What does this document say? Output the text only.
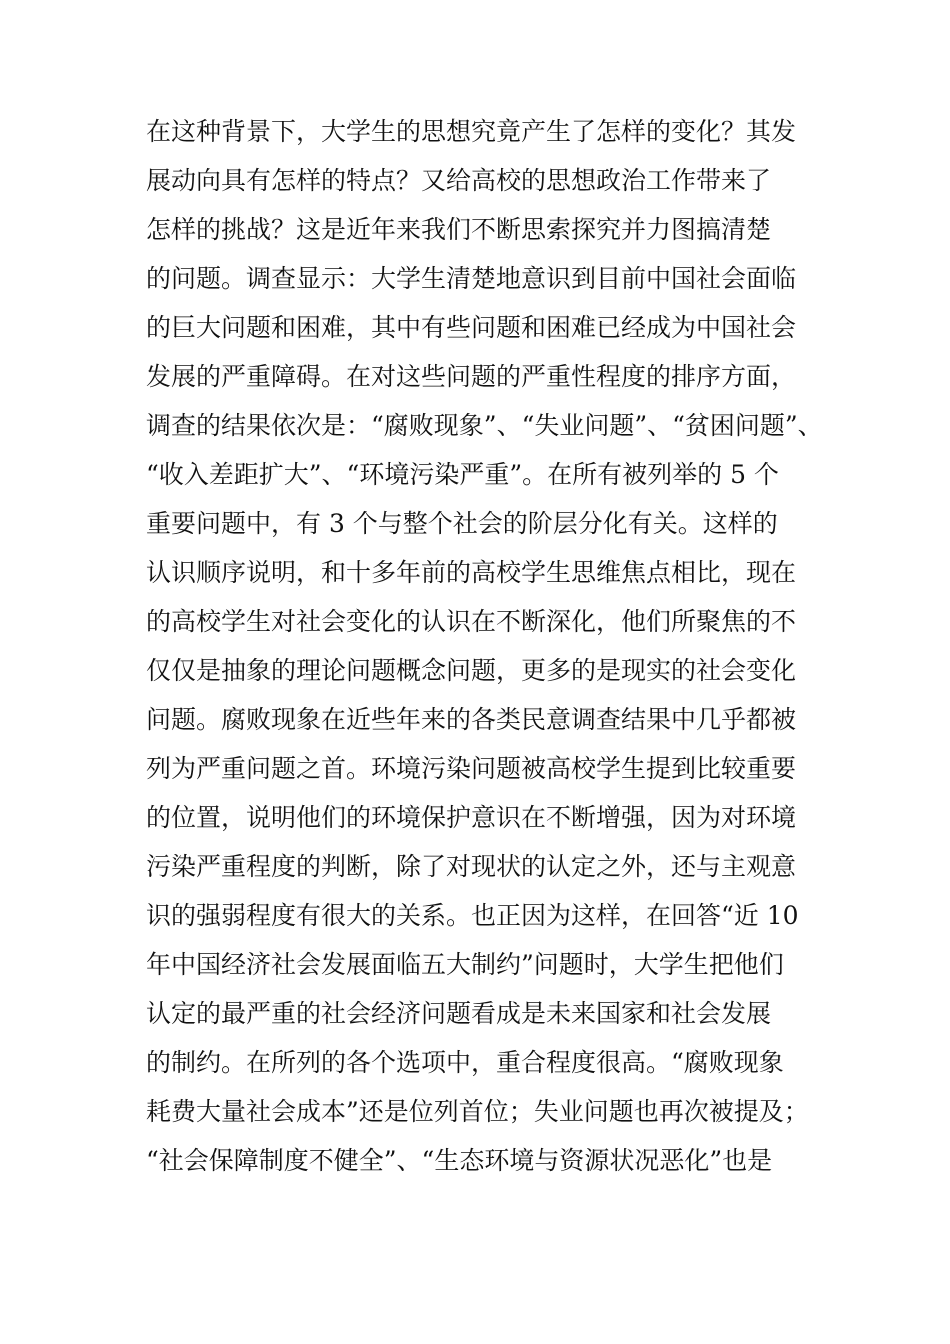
在这种背景下，大学生的思想究竟产生了怎样的变化？其发
展动向具有怎样的特点？又给高校的思想政治工作带来了
怎样的挑战？这是近年来我们不断思索探究并力图搞清楚
的问题。调查显示：大学生清楚地意识到目前中国社会面临
的巨大问题和困难，其中有些问题和困难已经成为中国社会
发展的严重障碍。在对这些问题的严重性程度的排序方面，
调查的结果依次是：“腐败现象”、“失业问题”、“贫困问题”、
“收入差距扩大”、“环境污染严重”。在所有被列举的 5 个
重要问题中，有 3 个与整个社会的阶层分化有关。这样的
认识顺序说明，和十多年前的高校学生思维焦点相比，现在
的高校学生对社会变化的认识在不断深化，他们所聚焦的不
仅仅是抽象的理论问题概念问题，更多的是现实的社会变化
问题。腐败现象在近些年来的各类民意调查结果中几乎都被
列为严重问题之首。环境污染问题被高校学生提到比较重要
的位置，说明他们的环境保护意识在不断增强，因为对环境
污染严重程度的判断，除了对现状的认定之外，还与主观意
识的强弱程度有很大的关系。也正因为这样，在回答“近 10
年中国经济社会发展面临五大制约”问题时，大学生把他们
认定的最严重的社会经济问题看成是未来国家和社会发展
的制约。在所列的各个选项中，重合程度很高。“腐败现象
耗费大量社会成本”还是位列首位；失业问题也再次被提及；
“社会保障制度不健全”、“生态环境与资源状况恶化”也是
